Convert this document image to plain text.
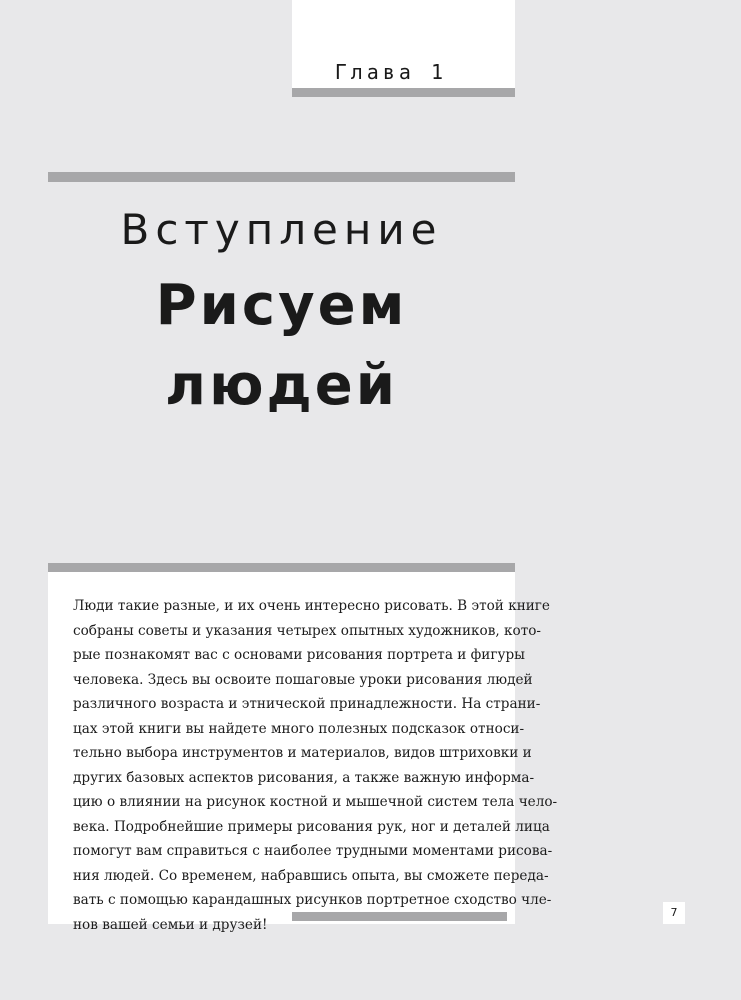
Глава 1
Вступление
Рисуем
людей
Люди такие разные, и их очень интересно рисовать. В этой книге
собраны советы и указания четырех опытных художников, кото-
рые познакомят вас с основами рисования портрета и фигуры
человека. Здесь вы освоите пошаговые уроки рисования людей
различного возраста и этнической принадлежности. На страни-
цах этой книги вы найдете много полезных подсказок относи-
тельно выбора инструментов и материалов, видов штриховки и
других базовых аспектов рисования, а также важную информа-
цию о влиянии на рисунок костной и мышечной систем тела чело-
века. Подробнейшие примеры рисования рук, ног и деталей лица
помогут вам справиться с наиболее трудными моментами рисова-
ния людей. Со временем, набравшись опыта, вы сможете переда-
вать с помощью карандашных рисунков портретное сходство чле-
нов вашей семьи и друзей!
7
